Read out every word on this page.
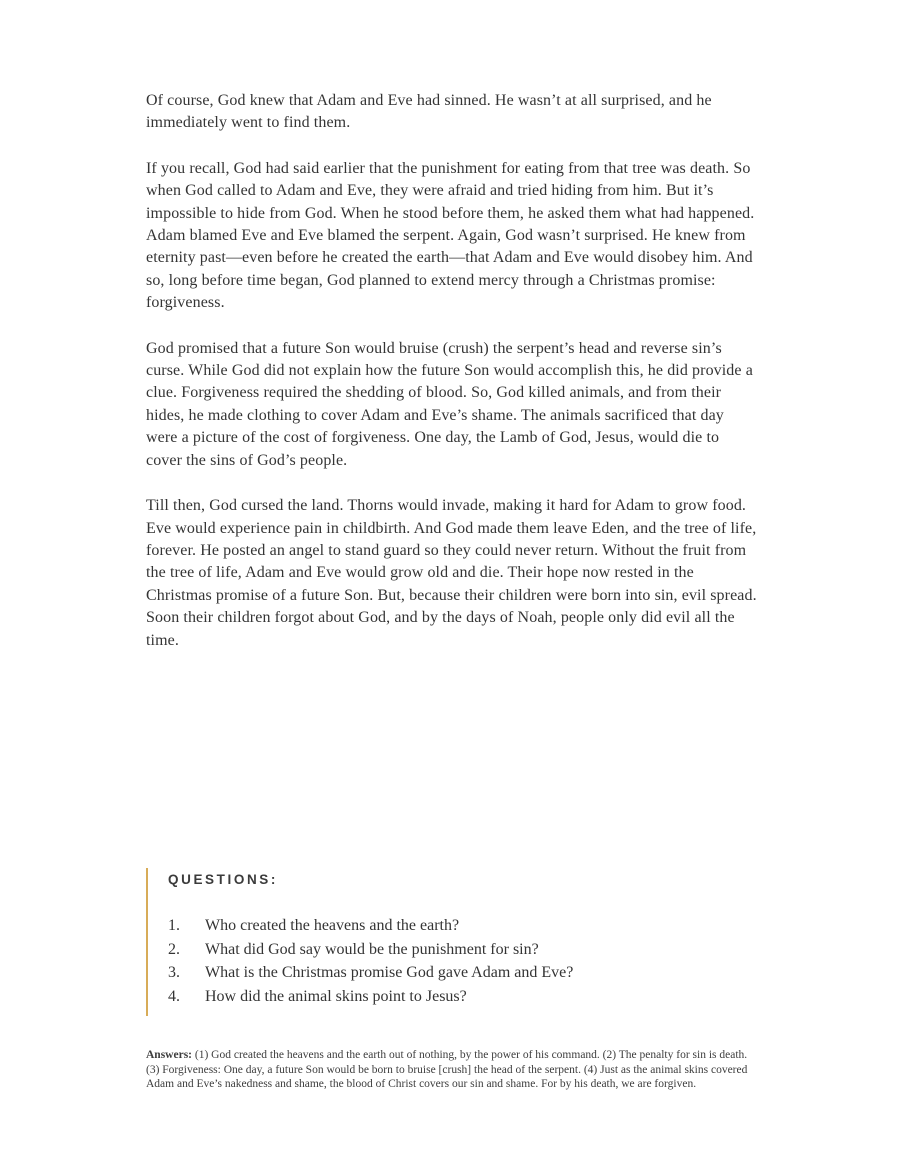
Of course, God knew that Adam and Eve had sinned. He wasn’t at all surprised, and he immediately went to find them.

If you recall, God had said earlier that the punishment for eating from that tree was death. So when God called to Adam and Eve, they were afraid and tried hiding from him. But it’s impossible to hide from God. When he stood before them, he asked them what had happened. Adam blamed Eve and Eve blamed the serpent. Again, God wasn’t surprised. He knew from eternity past—even before he created the earth—that Adam and Eve would disobey him. And so, long before time began, God planned to extend mercy through a Christmas promise: forgiveness.

God promised that a future Son would bruise (crush) the serpent’s head and reverse sin’s curse. While God did not explain how the future Son would accomplish this, he did provide a clue. Forgiveness required the shedding of blood. So, God killed animals, and from their hides, he made clothing to cover Adam and Eve’s shame. The animals sacrificed that day were a picture of the cost of forgiveness. One day, the Lamb of God, Jesus, would die to cover the sins of God’s people.

Till then, God cursed the land. Thorns would invade, making it hard for Adam to grow food. Eve would experience pain in childbirth. And God made them leave Eden, and the tree of life, forever. He posted an angel to stand guard so they could never return. Without the fruit from the tree of life, Adam and Eve would grow old and die. Their hope now rested in the Christmas promise of a future Son. But, because their children were born into sin, evil spread. Soon their children forgot about God, and by the days of Noah, people only did evil all the time.

QUESTIONS:
1.	Who created the heavens and the earth?
2.	What did God say would be the punishment for sin?
3.	What is the Christmas promise God gave Adam and Eve?
4.	How did the animal skins point to Jesus?
Answers: (1) God created the heavens and the earth out of nothing, by the power of his command. (2) The penalty for sin is death. (3) Forgiveness: One day, a future Son would be born to bruise [crush] the head of the serpent. (4) Just as the animal skins covered Adam and Eve’s nakedness and shame, the blood of Christ covers our sin and shame. For by his death, we are forgiven.
